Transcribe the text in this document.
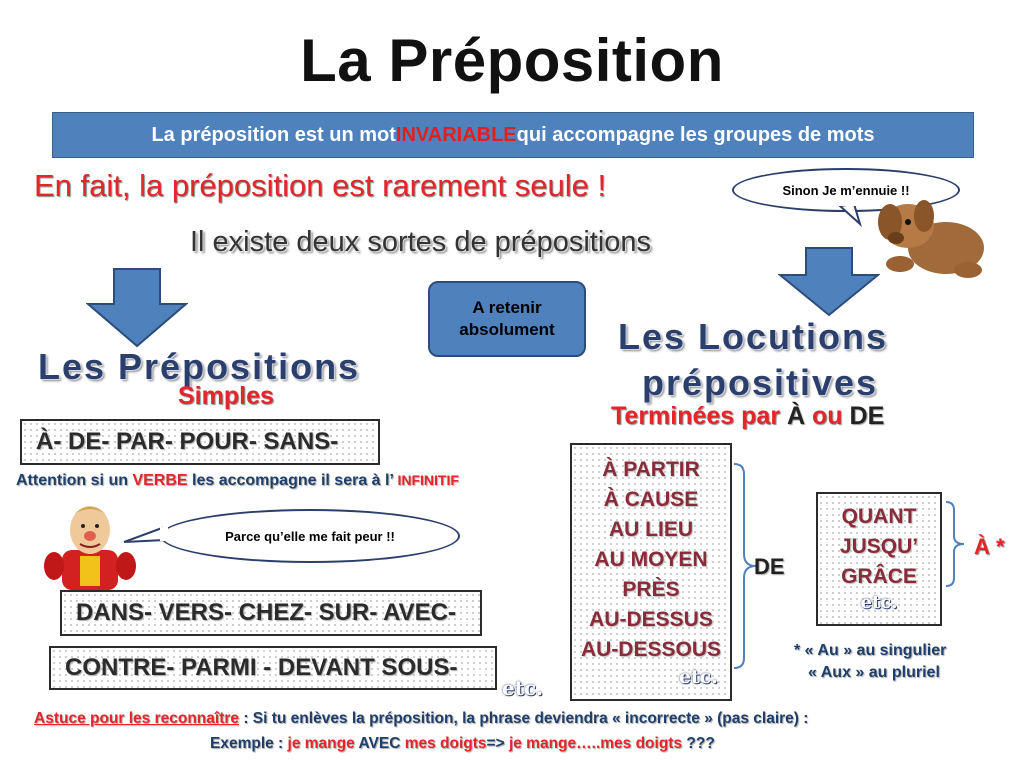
La Préposition
La préposition est un mot INVARIABLE qui accompagne les groupes de mots
En fait, la préposition est rarement seule !	Sinon Je m’ennuie !!
Il existe deux sortes de prépositions
A retenir absolument
Les Prépositions
Simples
Les Locutions
prépositives
Terminées par À ou DE
À- DE- PAR- POUR- SANS-
Attention si un VERBE les accompagne il sera à l’ INFINITIF
Parce qu’elle me fait peur !!
DANS- VERS- CHEZ- SUR- AVEC-
CONTRE- PARMI - DEVANT SOUS-
etc.
À PARTIR
À CAUSE
AU LIEU
AU MOYEN
PRÈS
AU-DESSUS
AU-DESSOUS
etc.
DE
QUANT
JUSQU’
GRÂCE
etc.
À *
* « Au » au singulier
« Aux » au pluriel
Astuce pour les reconnaître : Si tu enlèves la préposition, la phrase deviendra « incorrecte » (pas claire) :
Exemple : je mange AVEC mes doigts=> je mange…..mes doigts ???
